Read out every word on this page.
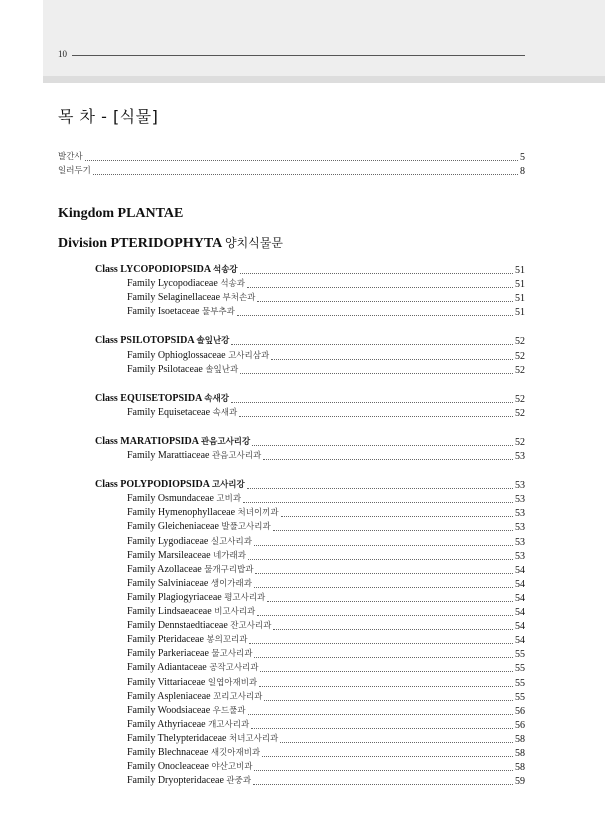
10
목 차 - [식물]
발간사	5
일러두기	8
Kingdom PLANTAE
Division PTERIDOPHYTA 양치식물문
Class LYCOPODIOPSIDA 석송강	51
Family Lycopodiaceae 석송과	51
Family Selaginellaceae 부처손과	51
Family Isoetaceae 물부추과	51
Class PSILOTOPSIDA 솔잎난강	52
Family Ophioglossaceae 고사리삼과	52
Family Psilotaceae 솔잎난과	52
Class EQUISETOPSIDA 속새강	52
Family Equisetaceae 속새과	52
Class MARATIOPSIDA 관음고사리강	52
Family Marattiaceae 관음고사리과	53
Class POLYPODIOPSIDA 고사리강	53
Family Osmundaceae 고비과	53
Family Hymenophyllaceae 처녀이끼과	53
Family Gleicheniaceae 발풀고사리과	53
Family Lygodiaceae 실고사리과	53
Family Marsileaceae 네가래과	53
Family Azollaceae 물개구리밥과	54
Family Salviniaceae 생이가래과	54
Family Plagiogyriaceae 평고사리과	54
Family Lindsaeaceae 비고사리과	54
Family Dennstaedtiaceae 잔고사리과	54
Family Pteridaceae 봉의꼬리과	54
Family Parkeriaceae 물고사리과	55
Family Adiantaceae 공작고사리과	55
Family Vittariaceae 일엽아재비과	55
Family Aspleniaceae 꼬리고사리과	55
Family Woodsiaceae 우드풀과	56
Family Athyriaceae 개고사리과	56
Family Thelypteridaceae 처녀고사리과	58
Family Blechnaceae 새깃아재비과	58
Family Onocleaceae 야산고비과	58
Family Dryopteridaceae 관중과	59
